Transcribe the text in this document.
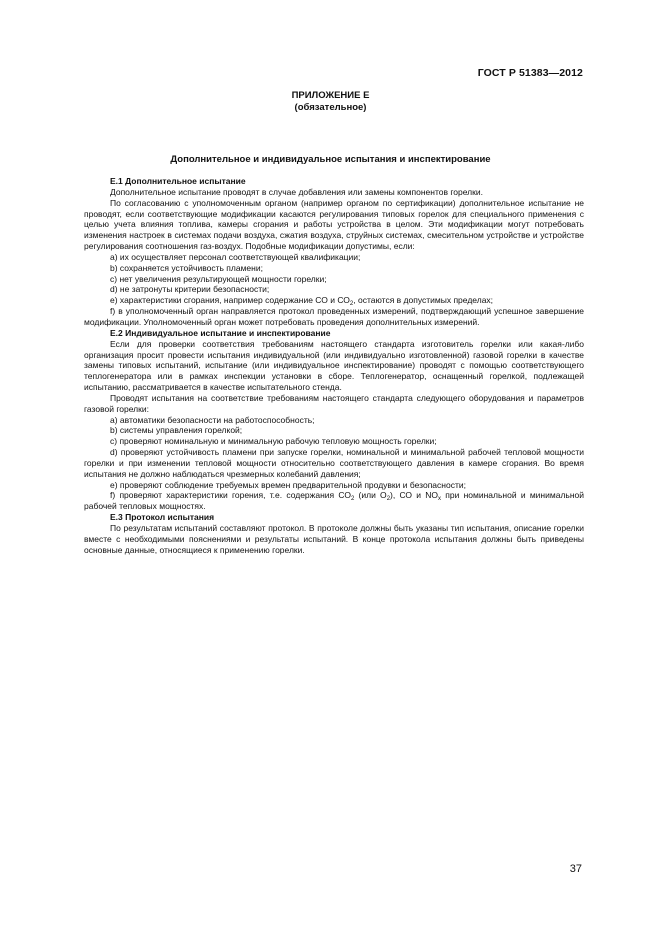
ГОСТ Р 51383—2012
ПРИЛОЖЕНИЕ Е
(обязательное)
Дополнительное и индивидуальное испытания и инспектирование

Е.1 Дополнительное испытание

Дополнительное испытание проводят в случае добавления или замены компонентов горелки.

По согласованию с уполномоченным органом (например органом по сертификации) дополнительное испытание не проводят, если соответствующие модификации касаются регулирования типовых горелок для специального применения с целью учета влияния топлива, камеры сгорания и работы устройства в целом. Эти модификации могут потребовать изменения настроек в системах подачи воздуха, сжатия воздуха, струйных системах, смесительном устройстве и устройстве регулирования соотношения газ-воздух. Подобные модификации допустимы, если:

a) их осуществляет персонал соответствующей квалификации;

b) сохраняется устойчивость пламени;

c) нет увеличения результирующей мощности горелки;

d) не затронуты критерии безопасности;

e) характеристики сгорания, например содержание СО и $СО_2$, остаются в допустимых пределах;

f) в уполномоченный орган направляется протокол проведенных измерений, подтверждающий успешное завершение модификации. Уполномоченный орган может потребовать проведения дополнительных измерений.

Е.2 Индивидуальное испытание и инспектирование

Если для проверки соответствия требованиям настоящего стандарта изготовитель горелки или какая-либо организация просит провести испытания индивидуальной (или индивидуально изготовленной) газовой горелки в качестве замены типовых испытаний, испытание (или индивидуальное инспектирование) проводят с помощью соответствующего теплогенератора или в рамках инспекции установки в сборе. Теплогенератор, оснащенный горелкой, подлежащей испытанию, рассматривается в качестве испытательного стенда.

Проводят испытания на соответствие требованиям настоящего стандарта следующего оборудования и параметров газовой горелки:

a) автоматики безопасности на работоспособность;

b) системы управления горелкой;

c) проверяют номинальную и минимальную рабочую тепловую мощность горелки;

d) проверяют устойчивость пламени при запуске горелки, номинальной и минимальной рабочей тепловой мощности горелки и при изменении тепловой мощности относительно соответствующего давления в камере сгорания. Во время испытания не должно наблюдаться чрезмерных колебаний давления;

e) проверяют соблюдение требуемых времен предварительной продувки и безопасности;

f) проверяют характеристики горения, т.е. содержания $СО_2$ (или $О_2$), СО и $NO_x$ при номинальной и минимальной рабочей тепловых мощностях.

Е.3 Протокол испытания

По результатам испытаний составляют протокол. В протоколе должны быть указаны тип испытания, описание горелки вместе с необходимыми пояснениями и результаты испытаний. В конце протокола испытания должны быть приведены основные данные, относящиеся к применению горелки.

37
